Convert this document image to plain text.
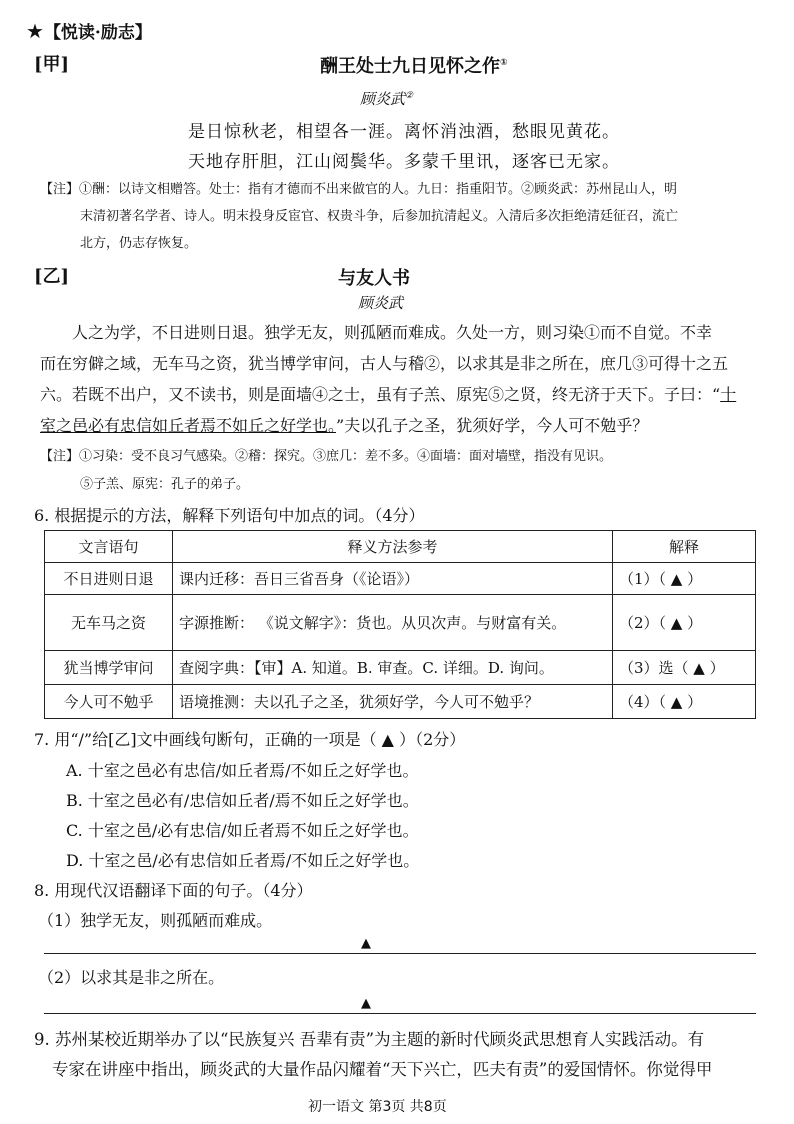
★【悦读·励志】
[甲]	酬王处士九日见怀之作①
顾炎武②
是日惊秋老，相望各一涯。离怀消浊酒，愁眼见黄花。
天地存肝胆，江山阅鬓华。多蒙千里讯，逐客已无家。
【注】①酬：以诗文相赠答。处士：指有才德而不出来做官的人。九日：指重阳节。②顾炎武：苏州昆山人，明
末清初著名学者、诗人。明末投身反宦官、权贵斗争，后参加抗清起义。入清后多次拒绝清廷征召，流亡
北方，仍志存恢复。
[乙]	与友人书
顾炎武
人之为学，不日进则日退。独学无友，则孤陋而难成。久处一方，则习染①而不自觉。不幸
而在穷僻之域，无车马之资，犹当博学审问，古人与稽②，以求其是非之所在，庶几③可得十之五
六。若既不出户，又不读书，则是面墙④之士，虽有子羔、原宪⑤之贤，终无济于天下。子曰：“十
室之邑必有忠信如丘者焉不如丘之好学也。”夫以孔子之圣，犹须好学，今人可不勉乎？
【注】①习染：受不良习气感染。②稽：探究。③庶几：差不多。④面墙：面对墙壁，指没有见识。
⑤子羔、原宪：孔子的弟子。
6. 根据提示的方法，解释下列语句中加点的词。（4分）
文言语句	释义方法参考	解释
不日进则日退	课内迁移：吾日三省吾身（《论语》）	（1）（ ▲ ）
无车马之资	字源推断： 《说文解字》：货也。从贝次声。与财富有关。	（2）（ ▲ ）
犹当博学审问	查阅字典：【审】A. 知道。B. 审查。C. 详细。D. 询问。	（3）选（ ▲ ）
今人可不勉乎	语境推测：夫以孔子之圣，犹须好学，今人可不勉乎？	（4）（ ▲ ）
7. 用“/”给[乙]文中画线句断句，正确的一项是（ ▲ ）（2分）
A. 十室之邑必有忠信/如丘者焉/不如丘之好学也。
B. 十室之邑必有/忠信如丘者/焉不如丘之好学也。
C. 十室之邑/必有忠信/如丘者焉不如丘之好学也。
D. 十室之邑/必有忠信如丘者焉/不如丘之好学也。
8. 用现代汉语翻译下面的句子。（4分）
（1）独学无友，则孤陋而难成。
▲
（2）以求其是非之所在。
▲
9. 苏州某校近期举办了以“民族复兴 吾辈有责”为主题的新时代顾炎武思想育人实践活动。有
专家在讲座中指出，顾炎武的大量作品闪耀着“天下兴亡，匹夫有责”的爱国情怀。你觉得甲
初一语文 第3页 共8页
